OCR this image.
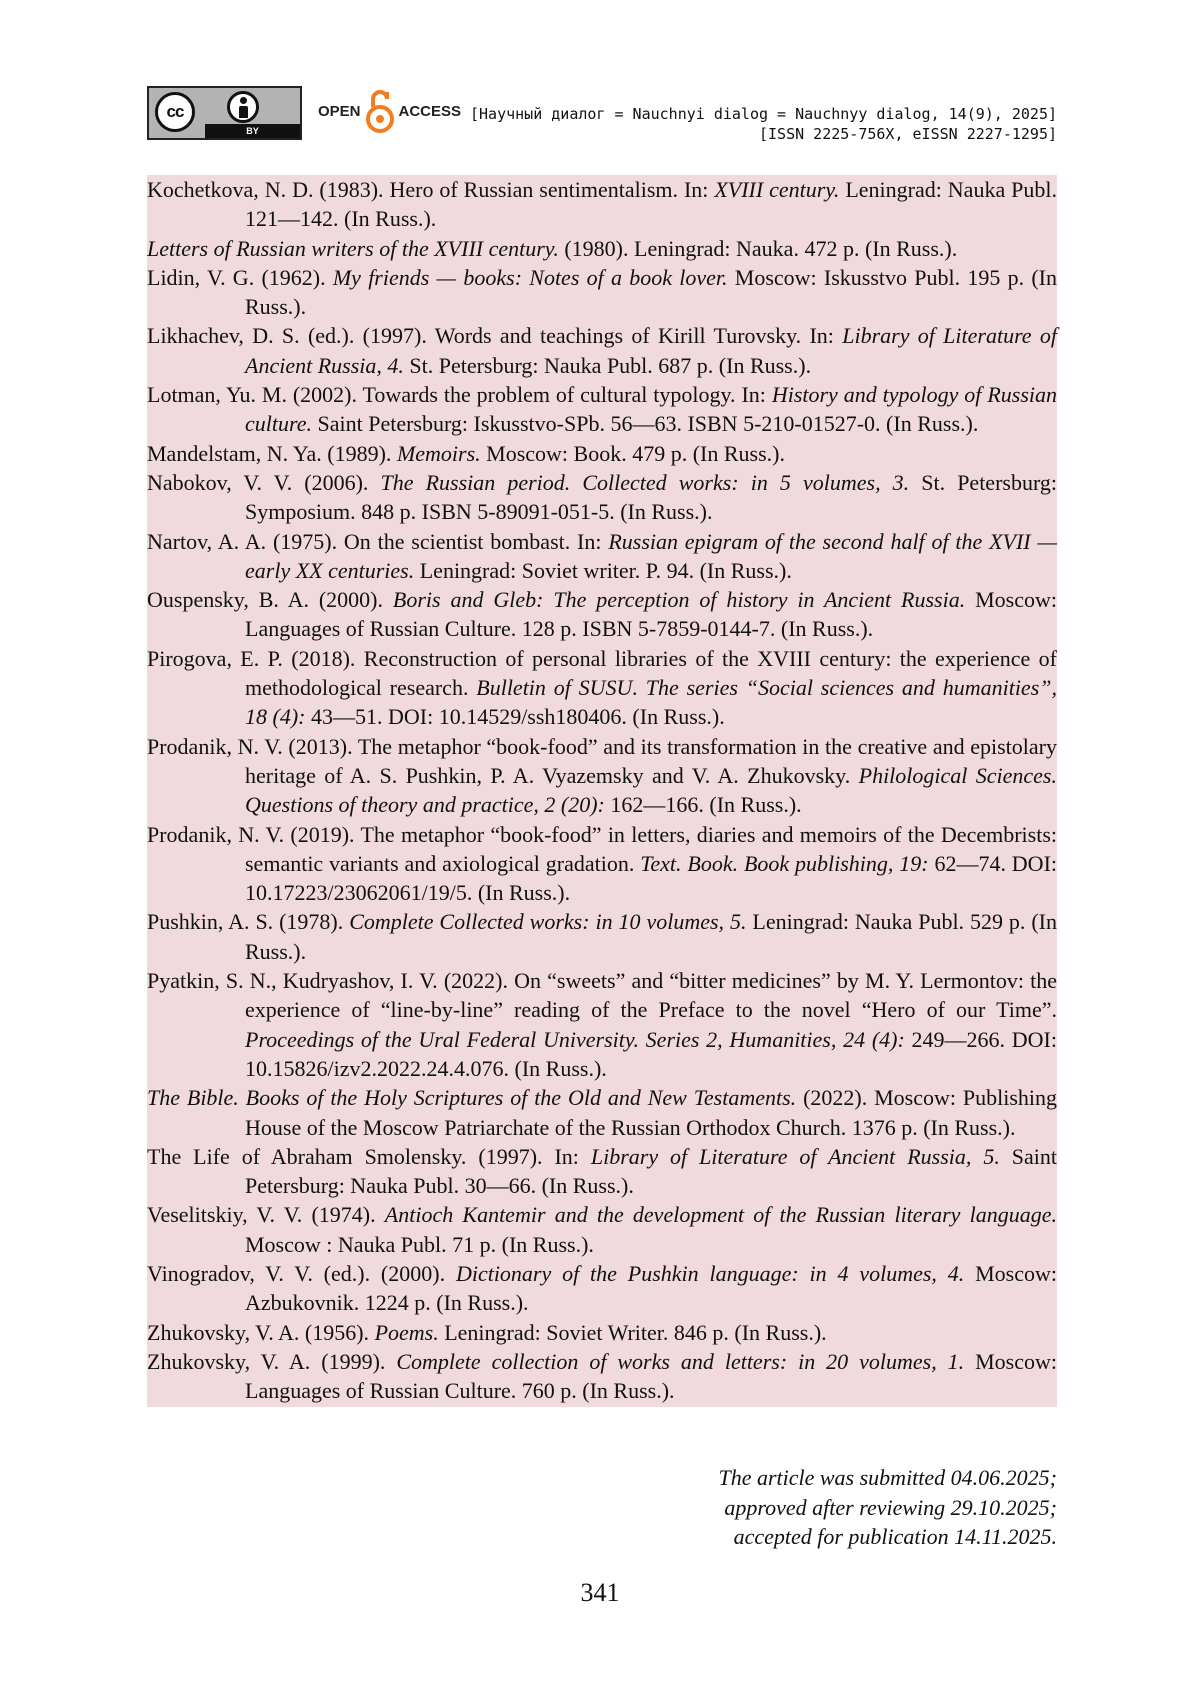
cc
BY
OPEN	ACCESS [Научный диалог = Nauchnyi dialog = Nauchnyy dialog, 14(9), 2025]
[ISSN 2225-756X, eISSN 2227-1295]

Kochetkova, N. D. (1983). Hero of Russian sentimentalism. In: XVIII century. Leningrad: Nauka Publ. 121—142. (In Russ.).

Letters of Russian writers of the XVIII century. (1980). Leningrad: Nauka. 472 p. (In Russ.).

Lidin, V. G. (1962). My friends — books: Notes of a book lover. Moscow: Iskusstvo Publ. 195 p. (In Russ.).

Likhachev, D. S. (ed.). (1997). Words and teachings of Kirill Turovsky. In: Library of Literature of Ancient Russia, 4. St. Petersburg: Nauka Publ. 687 p. (In Russ.).

Lotman, Yu. M. (2002). Towards the problem of cultural typology. In: History and typology of Russian culture. Saint Petersburg: Iskusstvo-SPb. 56—63. ISBN 5-210-01527-0. (In Russ.).

Mandelstam, N. Ya. (1989). Memoirs. Moscow: Book. 479 p. (In Russ.).

Nabokov, V. V. (2006). The Russian period. Collected works: in 5 volumes, 3. St. Petersburg: Symposium. 848 p. ISBN 5-89091-051-5. (In Russ.).

Nartov, A. A. (1975). On the scientist bombast. In: Russian epigram of the second half of the XVII — early XX centuries. Leningrad: Soviet writer. P. 94. (In Russ.).

Ouspensky, B. A. (2000). Boris and Gleb: The perception of history in Ancient Russia. Moscow: Languages of Russian Culture. 128 p. ISBN 5-7859-0144-7. (In Russ.).

Pirogova, E. P. (2018). Reconstruction of personal libraries of the XVIII century: the experience of methodological research. Bulletin of SUSU. The series “Social sciences and humanities”, 18 (4): 43—51. DOI: 10.14529/ssh180406. (In Russ.).

Prodanik, N. V. (2013). The metaphor “book-food” and its transformation in the creative and epistolary heritage of A. S. Pushkin, P. A. Vyazemsky and V. A. Zhukovsky. Philological Sciences. Questions of theory and practice, 2 (20): 162—166. (In Russ.).

Prodanik, N. V. (2019). The metaphor “book-food” in letters, diaries and memoirs of the Decembrists: semantic variants and axiological gradation. Text. Book. Book publishing, 19: 62—74. DOI: 10.17223/23062061/19/5. (In Russ.).

Pushkin, A. S. (1978). Complete Collected works: in 10 volumes, 5. Leningrad: Nauka Publ. 529 p. (In Russ.).

Pyatkin, S. N., Kudryashov, I. V. (2022). On “sweets” and “bitter medicines” by M. Y. Lermontov: the experience of “line-by-line” reading of the Preface to the novel “Hero of our Time”. Proceedings of the Ural Federal University. Series 2, Humanities, 24 (4): 249—266. DOI: 10.15826/izv2.2022.24.4.076. (In Russ.).

The Bible. Books of the Holy Scriptures of the Old and New Testaments. (2022). Moscow: Publishing House of the Moscow Patriarchate of the Russian Orthodox Church. 1376 p. (In Russ.).

The Life of Abraham Smolensky. (1997). In: Library of Literature of Ancient Russia, 5. Saint Petersburg: Nauka Publ. 30—66. (In Russ.).

Veselitskiy, V. V. (1974). Antioch Kantemir and the development of the Russian literary language. Moscow : Nauka Publ. 71 p. (In Russ.).

Vinogradov, V. V. (ed.). (2000). Dictionary of the Pushkin language: in 4 volumes, 4. Moscow: Azbukovnik. 1224 p. (In Russ.).

Zhukovsky, V. A. (1956). Poems. Leningrad: Soviet Writer. 846 p. (In Russ.).

Zhukovsky, V. A. (1999). Complete collection of works and letters: in 20 volumes, 1. Moscow: Languages of Russian Culture. 760 p. (In Russ.).

The article was submitted 04.06.2025;
approved after reviewing 29.10.2025;
accepted for publication 14.11.2025.
341
